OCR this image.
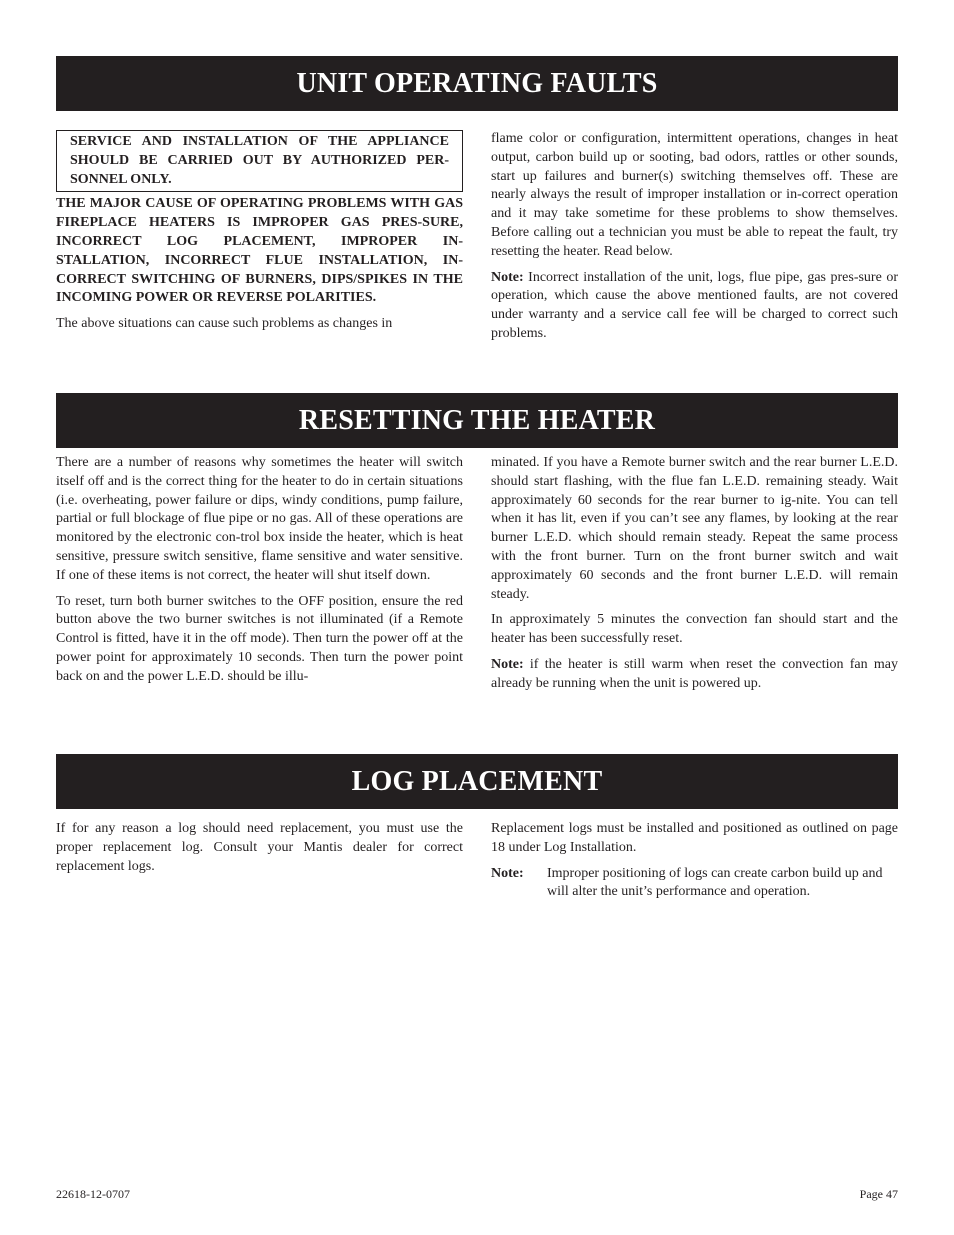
UNIT OPERATING FAULTS
SERVICE AND INSTALLATION OF THE APPLIANCE SHOULD BE CARRIED OUT BY AUTHORIZED PER-SONNEL ONLY.
THE MAJOR CAUSE OF OPERATING PROBLEMS WITH GAS FIREPLACE HEATERS IS IMPROPER GAS PRES-SURE, INCORRECT LOG PLACEMENT, IMPROPER IN-STALLATION, INCORRECT FLUE INSTALLATION, IN-CORRECT SWITCHING OF BURNERS, DIPS/SPIKES IN THE INCOMING POWER OR REVERSE POLARITIES.

The above situations can cause such problems as changes in

flame color or configuration, intermittent operations, changes in heat output, carbon build up or sooting, bad odors, rattles or other sounds, start up failures and burner(s) switching themselves off. These are nearly always the result of improper installation or in-correct operation and it may take sometime for these problems to show themselves. Before calling out a technician you must be able to repeat the fault, try resetting the heater. Read below.

Note: Incorrect installation of the unit, logs, flue pipe, gas pres-sure or operation, which cause the above mentioned faults, are not covered under warranty and a service call fee will be charged to correct such problems.

RESETTING THE HEATER

There are a number of reasons why sometimes the heater will switch itself off and is the correct thing for the heater to do in certain situations (i.e. overheating, power failure or dips, windy conditions, pump failure, partial or full blockage of flue pipe or no gas. All of these operations are monitored by the electronic con-trol box inside the heater, which is heat sensitive, pressure switch sensitive, flame sensitive and water sensitive. If one of these items is not correct, the heater will shut itself down.

To reset, turn both burner switches to the OFF position, ensure the red button above the two burner switches is not illuminated (if a Remote Control is fitted, have it in the off mode). Then turn the power off at the power point for approximately 10 seconds. Then turn the power point back on and the power L.E.D. should be illu-

minated. If you have a Remote burner switch and the rear burner L.E.D. should start flashing, with the flue fan L.E.D. remaining steady. Wait approximately 60 seconds for the rear burner to ig-nite. You can tell when it has lit, even if you can’t see any flames, by looking at the rear burner L.E.D. which should remain steady. Repeat the same process with the front burner. Turn on the front burner switch and wait approximately 60 seconds and the front burner L.E.D. will remain steady.

In approximately 5 minutes the convection fan should start and the heater has been successfully reset.

Note: if the heater is still warm when reset the convection fan may already be running when the unit is powered up.

LOG PLACEMENT

If for any reason a log should need replacement, you must use the proper replacement log. Consult your Mantis dealer for correct replacement logs.

Replacement logs must be installed and positioned as outlined on page 18 under Log Installation.

Note:	Improper positioning of logs can create carbon build up and will alter the unit’s performance and operation.
22618-12-0707	Page 47
